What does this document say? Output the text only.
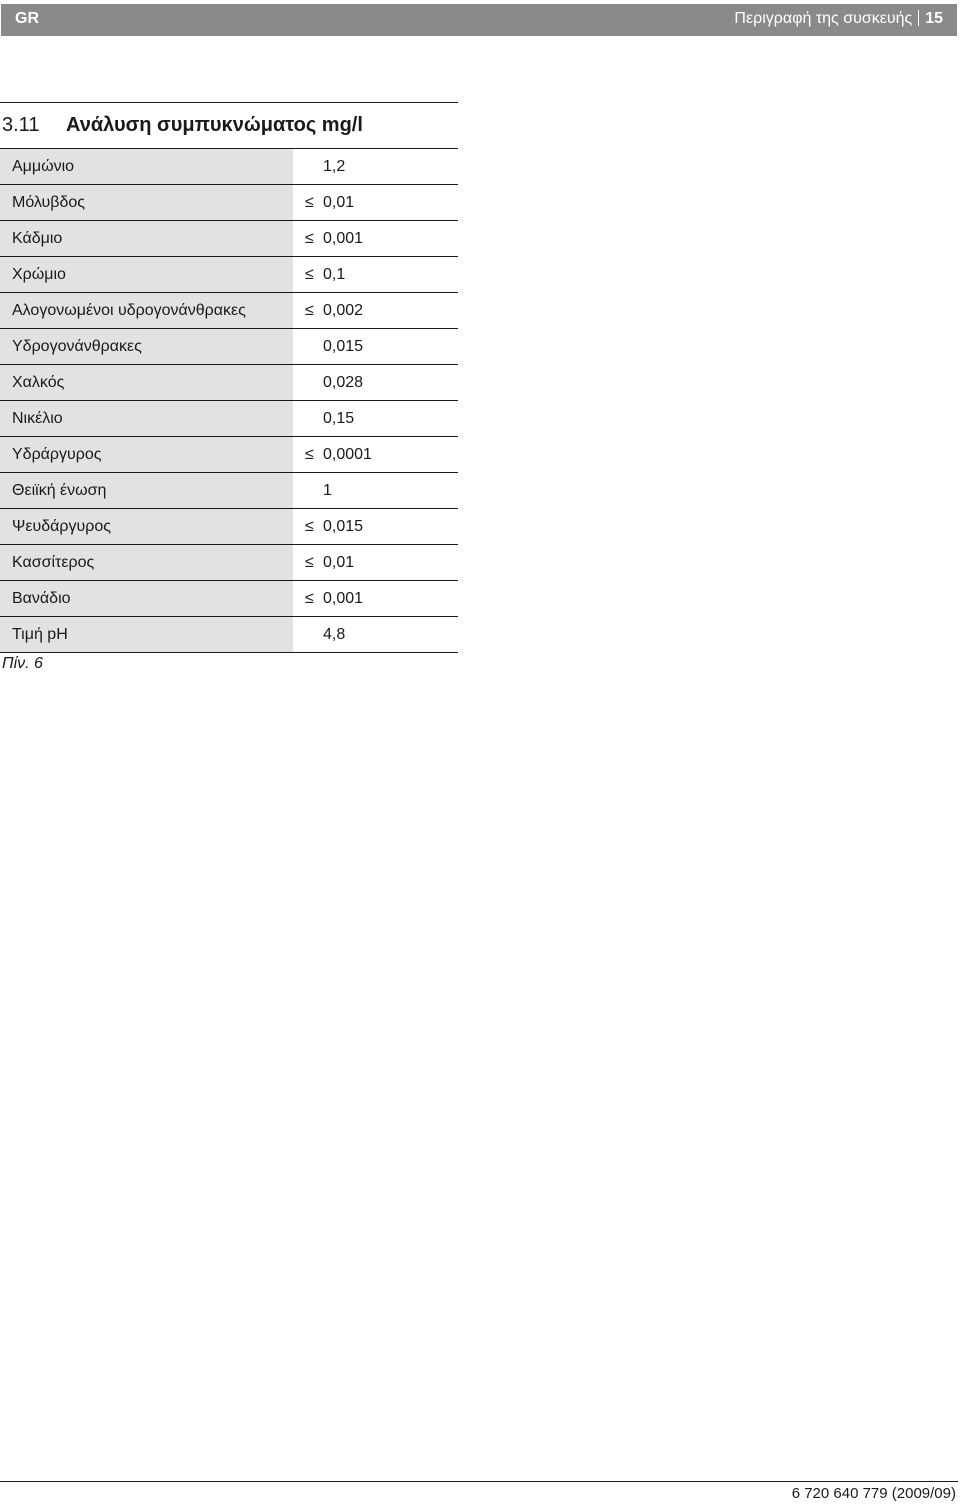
GR	Περιγραφή της συσκευής 15
3.11 Ανάλυση συμπυκνώματος mg/l
Αμμώνιο	1,2
Μόλυβδος	≤ 0,01
Κάδμιο	≤ 0,001
Χρώμιο	≤ 0,1
Αλογονωμένοι υδρογονάνθρακες	≤ 0,002
Υδρογονάνθρακες	0,015
Χαλκός	0,028
Νικέλιο	0,15
Υδράργυρος	≤ 0,0001
Θειϊκή ένωση	1
Ψευδάργυρος	≤ 0,015
Κασσίτερος	≤ 0,01
Βανάδιο	≤ 0,001
Τιμή pH	4,8
Πίν. 6
6 720 640 779 (2009/09)
